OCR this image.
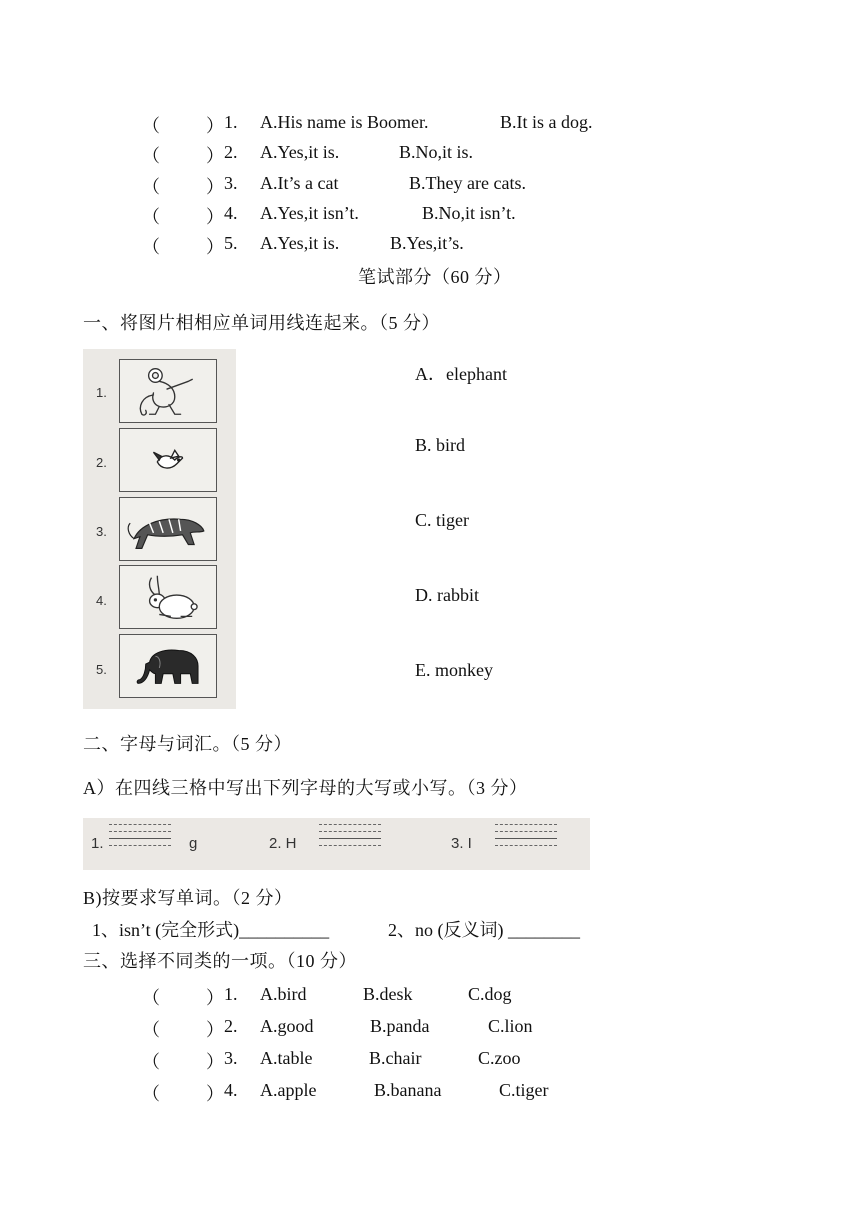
（	） 1. A.His name is Boomer.	B.It is a dog.
（	） 2. A.Yes,it is.	B.No,it is.
（	） 3. A.It’s a cat	B.They are cats.
（	） 4. A.Yes,it isn’t.	B.No,it isn’t.
（	） 5. A.Yes,it is.	B.Yes,it’s.
笔试部分（60 分）
一、将图片相相应单词用线连起来。（5 分）
1.
2.
3.
4.
5.
A．elephant
B. bird
C. tiger
D. rabbit
E. monkey
二、字母与词汇。（5 分）
A）在四线三格中写出下列字母的大写或小写。（3 分）
1.	g	2. H	3. I
B)按要求写单词。（2 分）
1、isn’t (完全形式)__________	2、no (反义词) ________
三、选择不同类的一项。（10 分）
（	） 1. A.bird	B.desk	C.dog
（	） 2. A.good	B.panda	C.lion
（	） 3. A.table	B.chair	C.zoo
（	） 4. A.apple	B.banana	C.tiger
